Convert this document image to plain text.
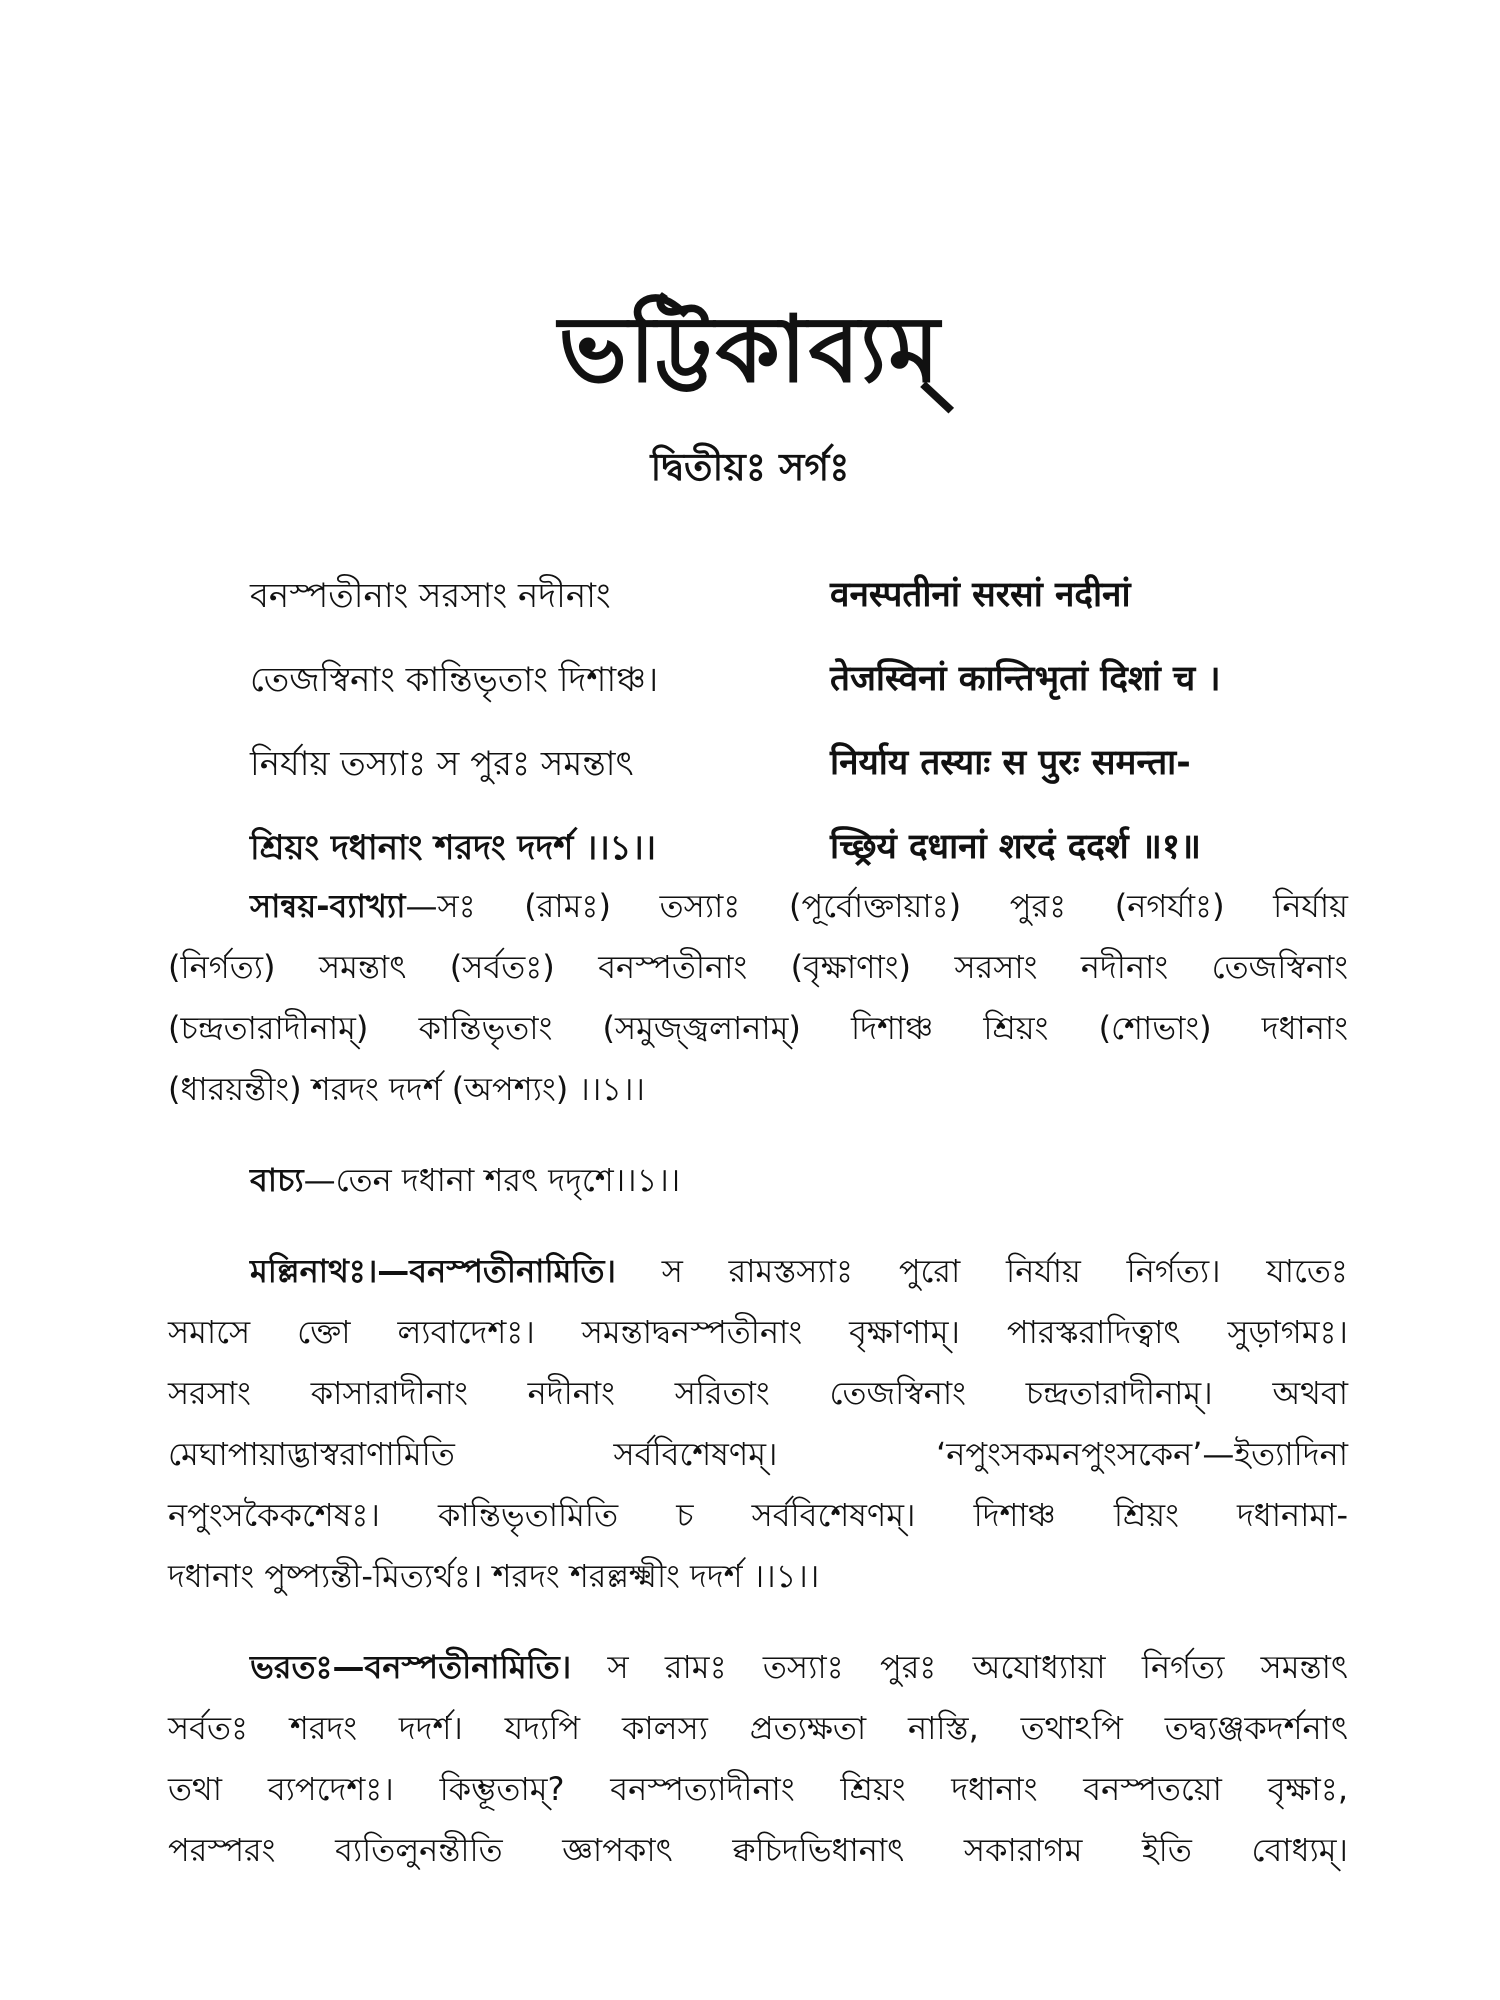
ভট্টিকাব্যম্
দ্বিতীয়ঃ সর্গঃ
বনস্পতীনাং সরসাং নদীনাং	वनस्पतीनां सरसां नदीनां
তেজস্বিনাং কান্তিভৃতাং দিশাঞ্চ।	तेजस्विनां कान्तिभृतां दिशां च ।
নির্যায় তস্যাঃ স পুরঃ সমন্তাৎ	निर्याय तस्याः स पुरः समन्ता-
শ্রিয়ং দধানাং শরদং দদর্শ ।।১।।	च्छ्रियं दधानां शरदं ददर्श ॥१॥
সান্বয়-ব্যাখ্যা—সঃ (রামঃ) তস্যাঃ (পূর্বোক্তায়াঃ) পুরঃ (নগর্যাঃ) নির্যায়
(নির্গত্য) সমন্তাৎ (সর্বতঃ) বনস্পতীনাং (বৃক্ষাণাং) সরসাং নদীনাং তেজস্বিনাং
(চন্দ্রতারাদীনাম্) কান্তিভৃতাং (সমুজ্জ্বলানাম্) দিশাঞ্চ শ্রিয়ং (শোভাং) দধানাং
(ধারয়ন্তীং) শরদং দদর্শ (অপশ্যং) ।।১।।
বাচ্য—তেন দধানা শরৎ দদৃশে।।১।।
মল্লিনাথঃ।—বনস্পতীনামিতি। স রামস্তস্যাঃ পুরো নির্যায় নির্গত্য। যাতেঃ
সমাসে ক্তো ল্যবাদেশঃ। সমন্তাদ্বনস্পতীনাং বৃক্ষাণাম্। পারস্করাদিত্বাৎ সুড়াগমঃ।
সরসাং কাসারাদীনাং নদীনাং সরিতাং তেজস্বিনাং চন্দ্রতারাদীনাম্। অথবা
মেঘাপায়াদ্ভাস্বরাণামিতি সর্ববিশেষণম্। ‘নপুংসকমনপুংসকেন’—ইত্যাদিনা
নপুংসকৈকশেষঃ। কান্তিভৃতামিতি চ সর্ববিশেষণম্। দিশাঞ্চ শ্রিয়ং দধানামা-
দধানাং পুষ্প্যন্তী-মিত্যর্থঃ। শরদং শরল্লক্ষ্মীং দদর্শ ।।১।।
ভরতঃ—বনস্পতীনামিতি। স রামঃ তস্যাঃ পুরঃ অযোধ্যায়া নির্গত্য সমন্তাৎ
সর্বতঃ শরদং দদর্শ। যদ্যপি কালস্য প্রত্যক্ষতা নাস্তি, তথাঽপি তদ্ব্যঞ্জকদর্শনাৎ
তথা ব্যপদেশঃ। কিম্ভূতাম্? বনস্পত্যাদীনাং শ্রিয়ং দধানাং বনস্পতয়ো বৃক্ষাঃ,
পরস্পরং ব্যতিলুনন্তীতি জ্ঞাপকাৎ ক্বচিদভিধানাৎ সকারাগম ইতি বোধ্যম্।
